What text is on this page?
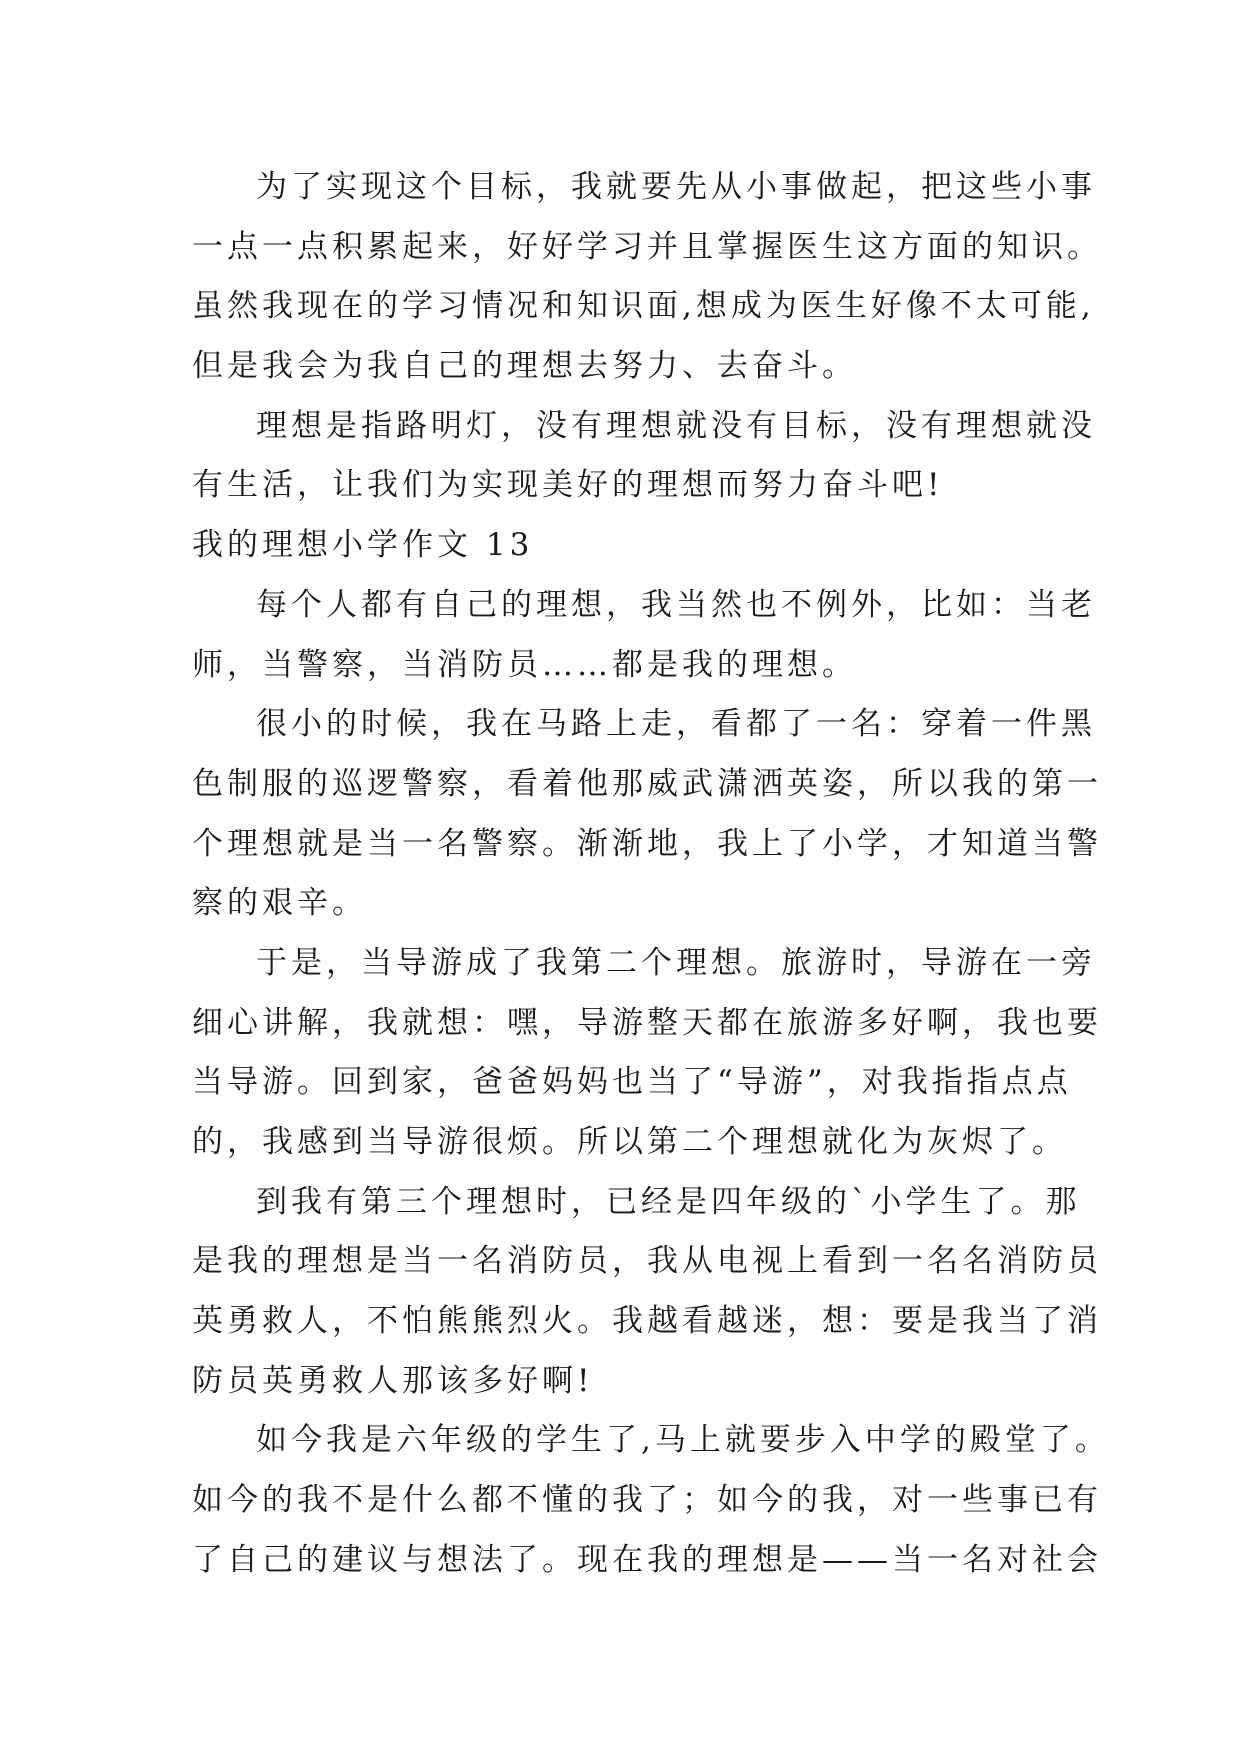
为了实现这个目标，我就要先从小事做起，把这些小事
一点一点积累起来，好好学习并且掌握医生这方面的知识。
虽然我现在的学习情况和知识面,想成为医生好像不太可能,
但是我会为我自己的理想去努力、去奋斗。
理想是指路明灯，没有理想就没有目标，没有理想就没
有生活，让我们为实现美好的理想而努力奋斗吧!
我的理想小学作文 13
每个人都有自己的理想，我当然也不例外，比如：当老
师，当警察，当消防员……都是我的理想。
很小的时候，我在马路上走，看都了一名：穿着一件黑
色制服的巡逻警察，看着他那威武潇洒英姿，所以我的第一
个理想就是当一名警察。渐渐地，我上了小学，才知道当警
察的艰辛。
于是，当导游成了我第二个理想。旅游时，导游在一旁
细心讲解，我就想：嘿，导游整天都在旅游多好啊，我也要
当导游。回到家，爸爸妈妈也当了“导游”，对我指指点点
的，我感到当导游很烦。所以第二个理想就化为灰烬了。
到我有第三个理想时，已经是四年级的`小学生了。那
是我的理想是当一名消防员，我从电视上看到一名名消防员
英勇救人，不怕熊熊烈火。我越看越迷，想：要是我当了消
防员英勇救人那该多好啊!
如今我是六年级的学生了,马上就要步入中学的殿堂了。
如今的我不是什么都不懂的我了；如今的我，对一些事已有
了自己的建议与想法了。现在我的理想是——当一名对社会
